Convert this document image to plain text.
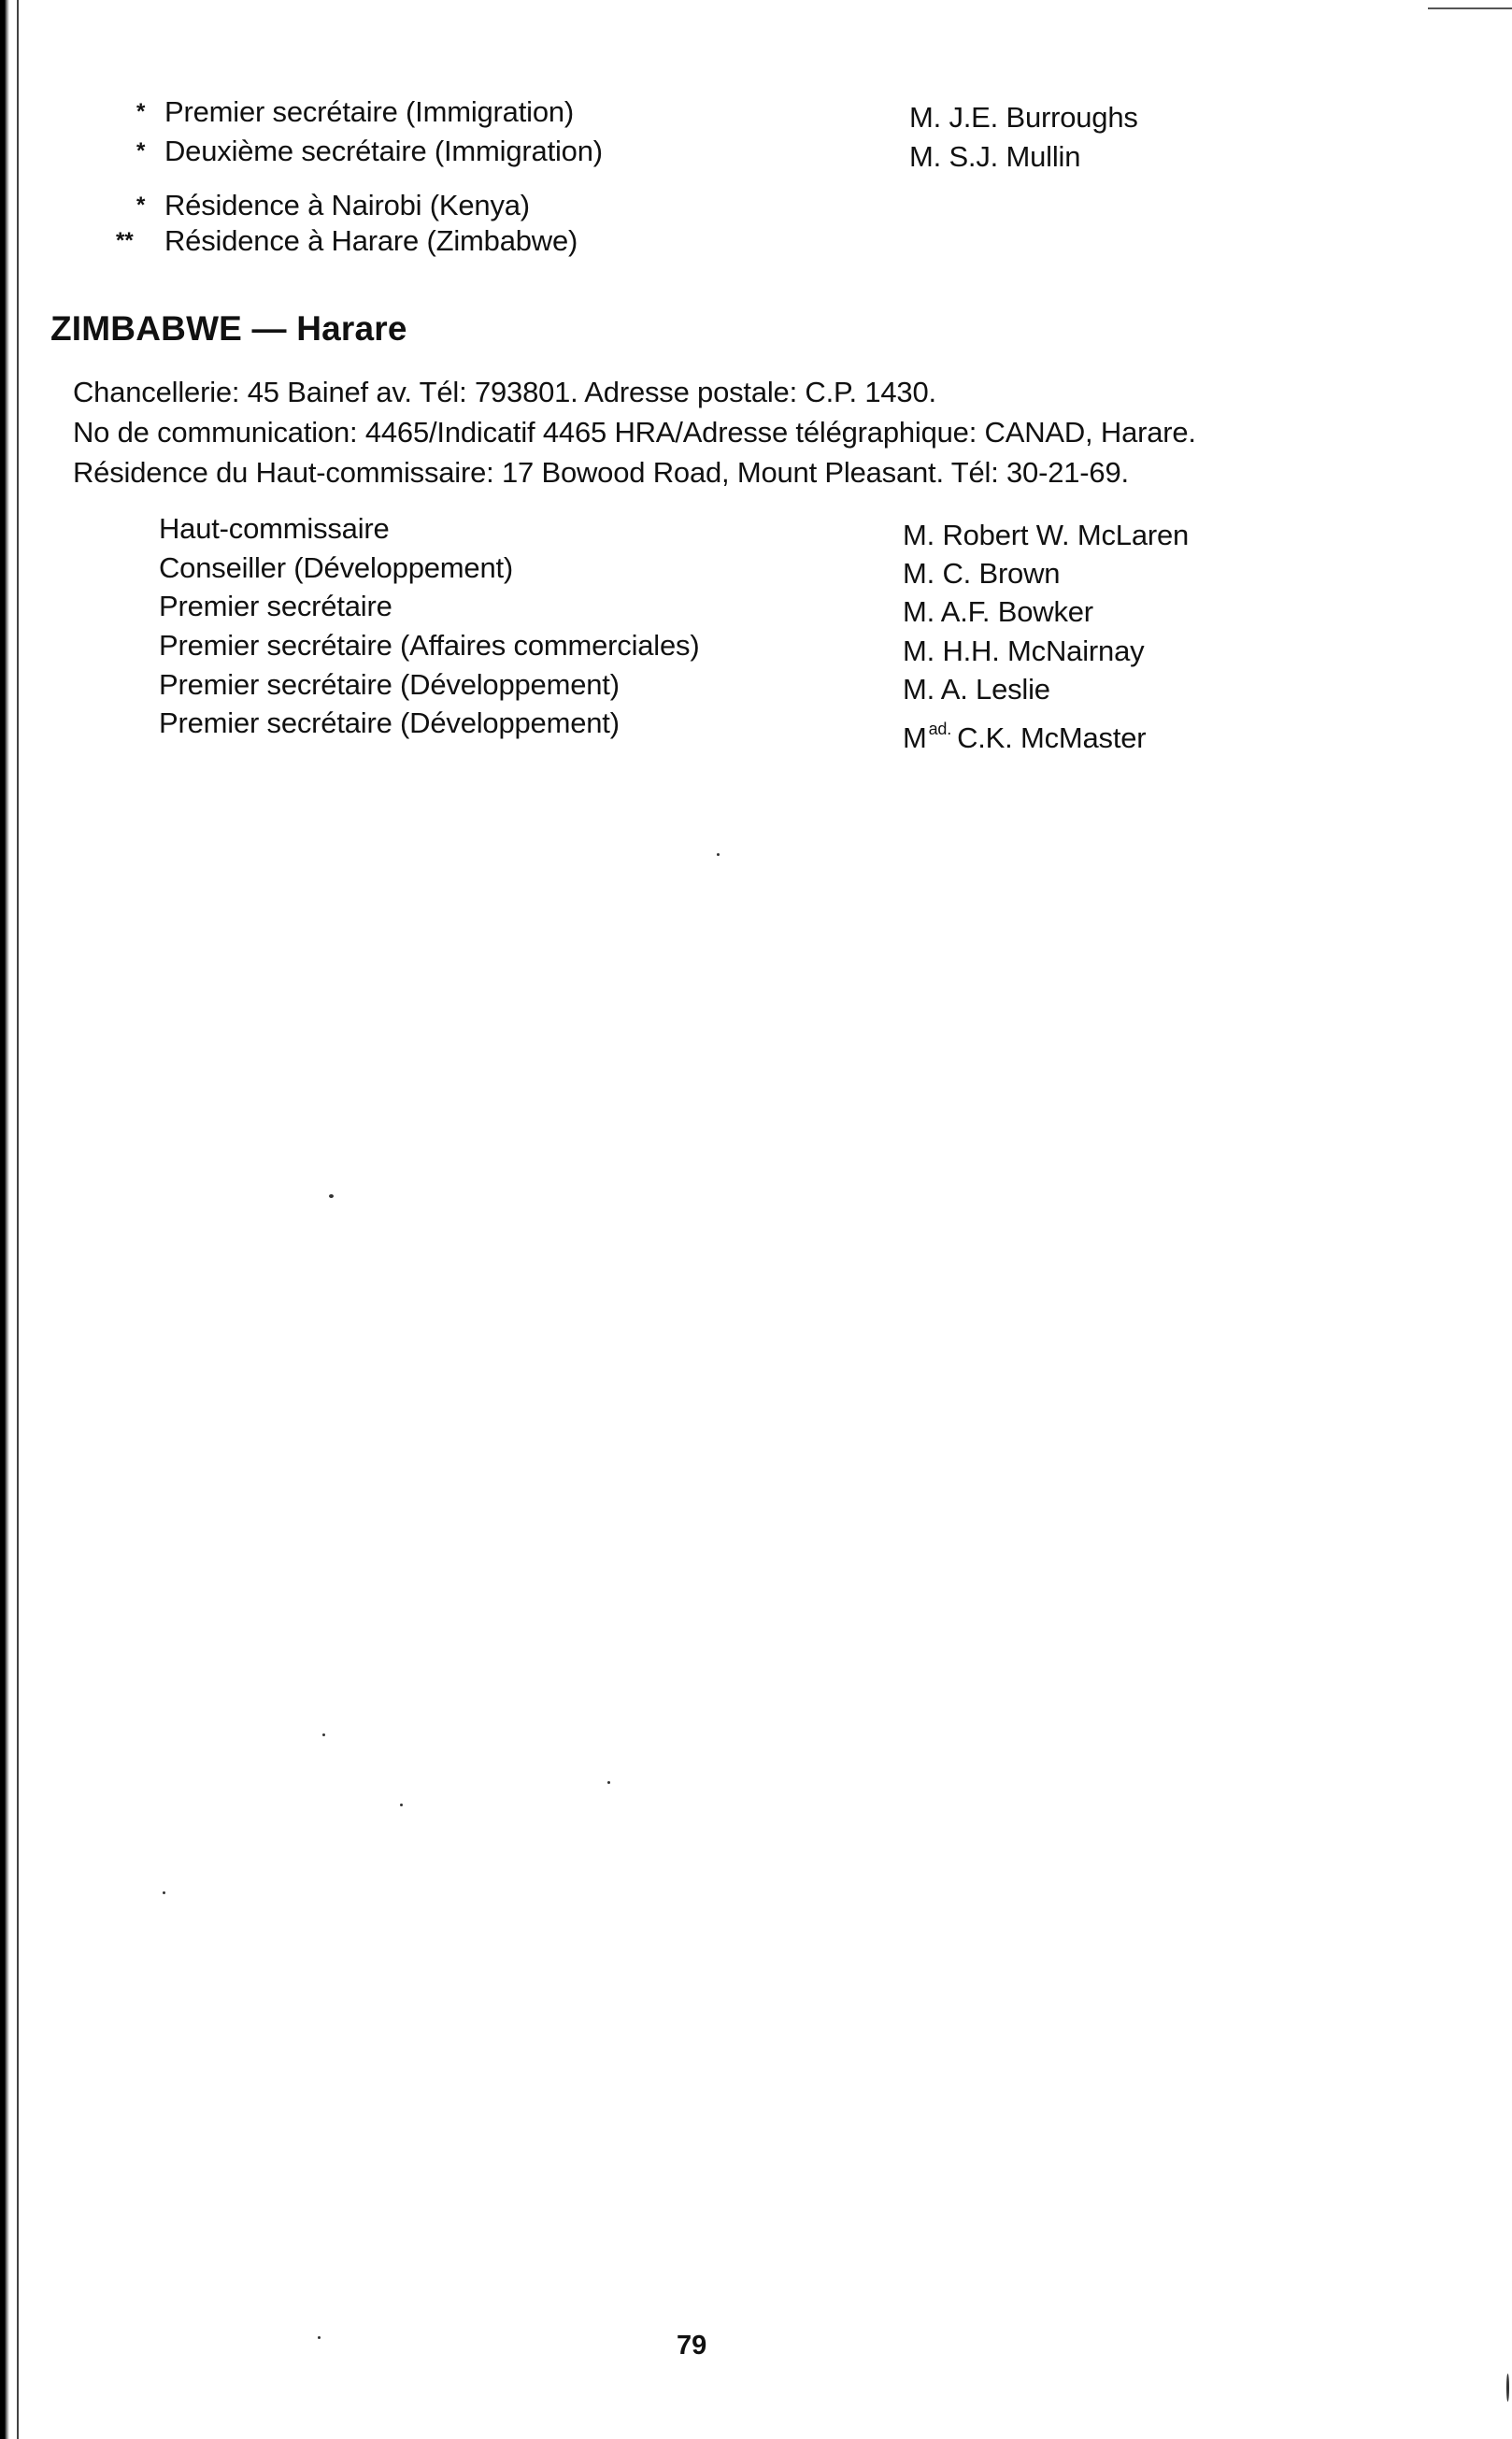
* Premier secrétaire (Immigration)	M. J.E. Burroughs
* Deuxième secrétaire (Immigration)	M. S.J. Mullin
* Résidence à Nairobi (Kenya)
** Résidence à Harare (Zimbabwe)
ZIMBABWE — Harare
Chancellerie: 45 Bainef av. Tél: 793801. Adresse postale: C.P. 1430.
No de communication: 4465/Indicatif 4465 HRA/Adresse télégraphique: CANAD, Harare.
Résidence du Haut-commissaire: 17 Bowood Road, Mount Pleasant. Tél: 30-21-69.
Haut-commissaire	M. Robert W. McLaren
Conseiller (Développement)	M. C. Brown
Premier secrétaire	M. A.F. Bowker
Premier secrétaire (Affaires commerciales)	M. H.H. McNairnay
Premier secrétaire (Développement)	M. A. Leslie
Premier secrétaire (Développement)	M $^{ad.}$ C.K. McMaster
79
